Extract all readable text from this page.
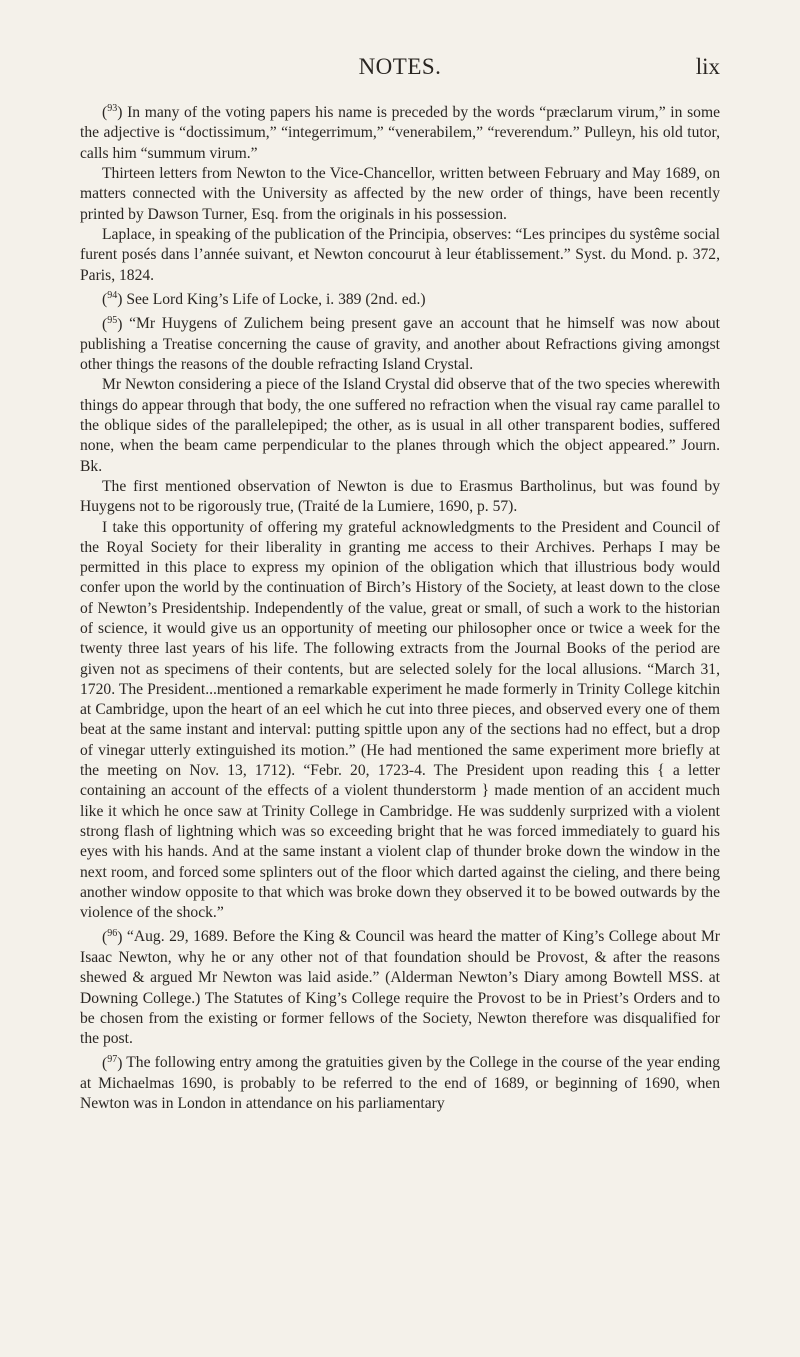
NOTES.	lix

($^{93}$) In many of the voting papers his name is preceded by the words “præclarum virum,” in some the adjective is “doctissimum,” “integerrimum,” “venerabilem,” “reverendum.” Pulleyn, his old tutor, calls him “summum virum.”

Thirteen letters from Newton to the Vice-Chancellor, written between February and May 1689, on matters connected with the University as affected by the new order of things, have been recently printed by Dawson Turner, Esq. from the originals in his possession.

Laplace, in speaking of the publication of the Principia, observes: “Les principes du systême social furent posés dans l’année suivant, et Newton concourut à leur établissement.” Syst. du Mond. p. 372, Paris, 1824.

($^{94}$) See Lord King’s Life of Locke, i. 389 (2nd. ed.)

($^{95}$) “Mr Huygens of Zulichem being present gave an account that he himself was now about publishing a Treatise concerning the cause of gravity, and another about Refractions giving amongst other things the reasons of the double refracting Island Crystal.

Mr Newton considering a piece of the Island Crystal did observe that of the two species wherewith things do appear through that body, the one suffered no refraction when the visual ray came parallel to the oblique sides of the parallelepiped; the other, as is usual in all other transparent bodies, suffered none, when the beam came perpendicular to the planes through which the object appeared.” Journ. Bk.

The first mentioned observation of Newton is due to Erasmus Bartholinus, but was found by Huygens not to be rigorously true, (Traité de la Lumiere, 1690, p. 57).

I take this opportunity of offering my grateful acknowledgments to the President and Council of the Royal Society for their liberality in granting me access to their Archives. Perhaps I may be permitted in this place to express my opinion of the obligation which that illustrious body would confer upon the world by the continuation of Birch’s History of the Society, at least down to the close of Newton’s Presidentship. Independently of the value, great or small, of such a work to the historian of science, it would give us an opportunity of meeting our philosopher once or twice a week for the twenty three last years of his life. The following extracts from the Journal Books of the period are given not as specimens of their contents, but are selected solely for the local allusions. “March 31, 1720. The President...mentioned a remarkable experiment he made formerly in Trinity College kitchin at Cambridge, upon the heart of an eel which he cut into three pieces, and observed every one of them beat at the same instant and interval: putting spittle upon any of the sections had no effect, but a drop of vinegar utterly extinguished its motion.” (He had mentioned the same experiment more briefly at the meeting on Nov. 13, 1712). “Febr. 20, 1723-4. The President upon reading this { a letter containing an account of the effects of a violent thunderstorm } made mention of an accident much like it which he once saw at Trinity College in Cambridge. He was suddenly surprized with a violent strong flash of lightning which was so exceeding bright that he was forced immediately to guard his eyes with his hands. And at the same instant a violent clap of thunder broke down the window in the next room, and forced some splinters out of the floor which darted against the cieling, and there being another window opposite to that which was broke down they observed it to be bowed outwards by the violence of the shock.”

($^{96}$) “Aug. 29, 1689. Before the King & Council was heard the matter of King’s College about Mr Isaac Newton, why he or any other not of that foundation should be Provost, & after the reasons shewed & argued Mr Newton was laid aside.” (Alderman Newton’s Diary among Bowtell MSS. at Downing College.) The Statutes of King’s College require the Provost to be in Priest’s Orders and to be chosen from the existing or former fellows of the Society, Newton therefore was disqualified for the post.

($^{97}$) The following entry among the gratuities given by the College in the course of the year ending at Michaelmas 1690, is probably to be referred to the end of 1689, or beginning of 1690, when Newton was in London in attendance on his parliamentary
